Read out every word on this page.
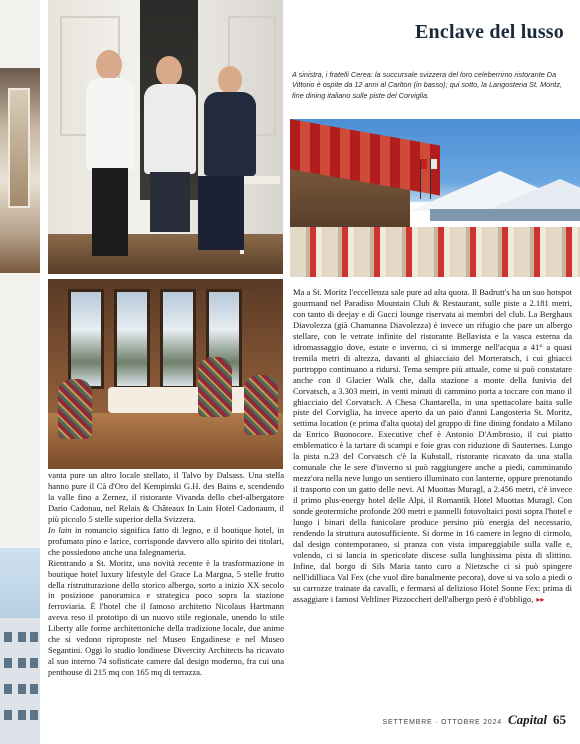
Enclave del lusso

A sinistra, i fratelli Cerea: la succursale svizzera del loro celeberrimo ristorante Da Vittorio è ospite da 12 anni al Carlton (in basso); qui sotto, la Langosteria St. Moritz, fine dining italiano sulle piste del Corviglia.

Ma a St. Moritz l'eccellenza sale pure ad alta quota. Il Badrutt's ha un suo hotspot gourmand nel Paradiso Mountain Club & Restaurant, sulle piste a 2.181 metri, con tanto di deejay e di Gucci lounge riservata ai membri del club. La Berghaus Diavolezza (già Chamanna Diavolezza) è invece un rifugio che pare un albergo stellare, con le vetrate infinite del ristorante Bellavista e la vasca esterna da idromassaggio dove, estate e inverno, ci si immerge nell'acqua a 41° a quasi tremila metri di altezza, davanti al ghiacciaio del Morteratsch, i cui ghiacci purtroppo continuano a ridursi. Tema sempre più attuale, come si può constatare anche con il Glacier Walk che, dalla stazione a monte della funivia del Corvatsch, a 3.303 metri, in venti minuti di cammino porta a toccare con mano il ghiacciaio del Corvatsch. A Chesa Chantarella, in una spettacolare baita sulle piste del Corviglia, ha invece aperto da un paio d'anni Langosteria St. Moritz, settima location (e prima d'alta quota) del gruppo di fine dining fondato a Milano da Enrico Buonocore. Executive chef è Antonio D'Ambrosio, il cui piatto emblematico è la tartare di scampi e foie gras con riduzione di Sauternes. Lungo la pista n.23 del Corvatsch c'è la Kuhstall, ristorante ricavato da una stalla comunale che le sere d'inverno si può raggiungere anche a piedi, camminando mezz'ora nella neve lungo un sentiero illuminato con lanterne, oppure prenotando il trasporto con un gatto delle nevi. Al Muottas Muragl, a 2.456 metri, c'è invece il primo plus-energy hotel delle Alpi, il Romantik Hotel Muottas Muragl. Con sonde geotermiche profonde 200 metri e pannelli fotovoltaici posti sopra l'hotel e lungo i binari della funicolare produce persino più energia del necessario, rendendo la struttura autosufficiente. Si dorme in 16 camere in legno di cirmolo, dal design contemporaneo, si pranza con vista impareggiabile sulla valle e, volendo, ci si lancia in spericolate discese sulla lunghissima pista di slittino. Infine, dal borgo di Sils Maria tanto caro a Nietzsche ci si può spingere nell'idilliaca Val Fex (che vuol dire banalmente pecora), dove si va solo a piedi o su carrozze trainate da cavalli, e fermarsi al delizioso Hotel Sonne Fex: prima di assaggiare i famosi Veltliner Pizzoccheri dell'albergo però è d'obbligo, ▸▸

vanta pure un altro locale stellato, il Talvo by Dalsass. Una stella hanno pure il Cà d'Oro del Kempinski G.H. des Bains e, scendendo la valle fino a Zernez, il ristorante Vivanda dello chef-albergatore Dario Cadonau, nel Relais & Châteaux In Lain Hotel Cadonaum, il più piccolo 5 stelle superior della Svizzera.

In lain in romancio significa fatto di legno, e il boutique hotel, in profumato pino e larice, corrisponde davvero allo spirito dei titolari, che possiedono anche una falegnameria.

Rientrando a St. Moritz, una novità recente è la trasformazione in boutique hotel luxury lifestyle del Grace La Margna, 5 stelle frutto della ristrutturazione dello storico albergo, sorto a inizio XX secolo in posizione panoramica e strategica poco sopra la stazione ferroviaria. È l'hotel che il famoso architetto Nicolaus Hartmann aveva reso il prototipo di un nuovo stile regionale, unendo lo stile Liberty alle forme architettoniche della tradizione locale, due anime che si vedono riproposte nel Museo Engadinese e nel Museo Segantini. Oggi lo studio londinese Divercity Architects ha ricavato al suo interno 74 sofisticate camere dal design moderno, fra cui una penthouse di 215 mq con 165 mq di terrazza.

SETTEMBRE · OTTOBRE 2024 Capital 65
